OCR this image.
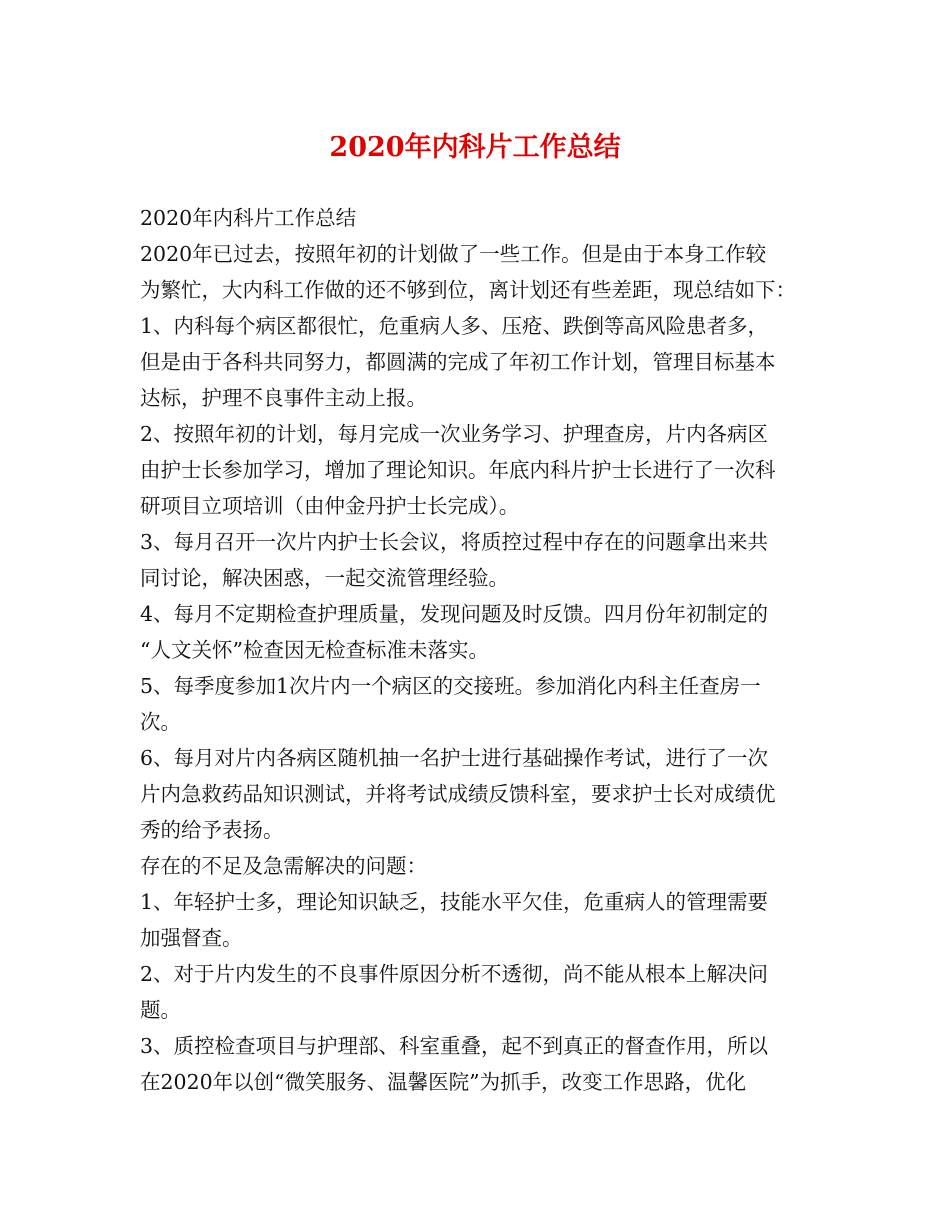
2020年内科片工作总结

2020年内科片工作总结

2020年已过去，按照年初的计划做了一些工作。但是由于本身工作较

为繁忙，大内科工作做的还不够到位，离计划还有些差距，现总结如下：

1、内科每个病区都很忙，危重病人多、压疮、跌倒等高风险患者多，

但是由于各科共同努力，都圆满的完成了年初工作计划，管理目标基本

达标，护理不良事件主动上报。

2、按照年初的计划，每月完成一次业务学习、护理查房，片内各病区

由护士长参加学习，增加了理论知识。年底内科片护士长进行了一次科

研项目立项培训（由仲金丹护士长完成）。

3、每月召开一次片内护士长会议，将质控过程中存在的问题拿出来共

同讨论，解决困惑，一起交流管理经验。

4、每月不定期检查护理质量，发现问题及时反馈。四月份年初制定的

“人文关怀”检查因无检查标准未落实。

5、每季度参加1次片内一个病区的交接班。参加消化内科主任查房一

次。

6、每月对片内各病区随机抽一名护士进行基础操作考试，进行了一次

片内急救药品知识测试，并将考试成绩反馈科室，要求护士长对成绩优

秀的给予表扬。

存在的不足及急需解决的问题：

1、年轻护士多，理论知识缺乏，技能水平欠佳，危重病人的管理需要

加强督查。

2、对于片内发生的不良事件原因分析不透彻，尚不能从根本上解决问

题。

3、质控检查项目与护理部、科室重叠，起不到真正的督查作用，所以

在2020年以创“微笑服务、温馨医院”为抓手，改变工作思路，优化
